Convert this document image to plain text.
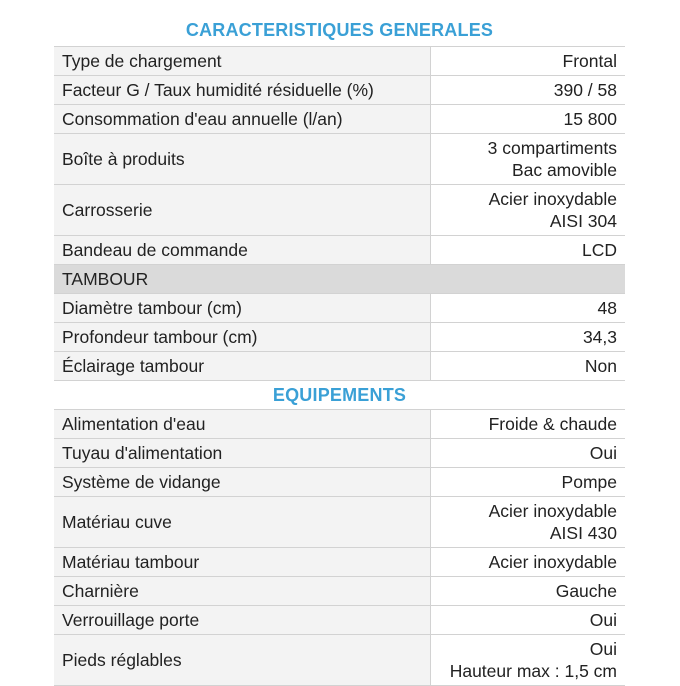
CARACTERISTIQUES GENERALES
Type de chargement	Frontal
Facteur G / Taux humidité résiduelle (%)	390 / 58
Consommation d'eau annuelle (l/an)	15 800
Boîte à produits	3 compartiments
Bac amovible
Carrosserie	Acier inoxydable
AISI 304
Bandeau de commande	LCD
TAMBOUR	
Diamètre tambour (cm)	48
Profondeur tambour (cm)	34,3
Éclairage tambour	Non
EQUIPEMENTS
Alimentation d'eau	Froide & chaude
Tuyau d'alimentation	Oui
Système de vidange	Pompe
Matériau cuve	Acier inoxydable
AISI 430
Matériau tambour	Acier inoxydable
Charnière	Gauche
Verrouillage porte	Oui
Pieds réglables	Oui
Hauteur max : 1,5 cm
